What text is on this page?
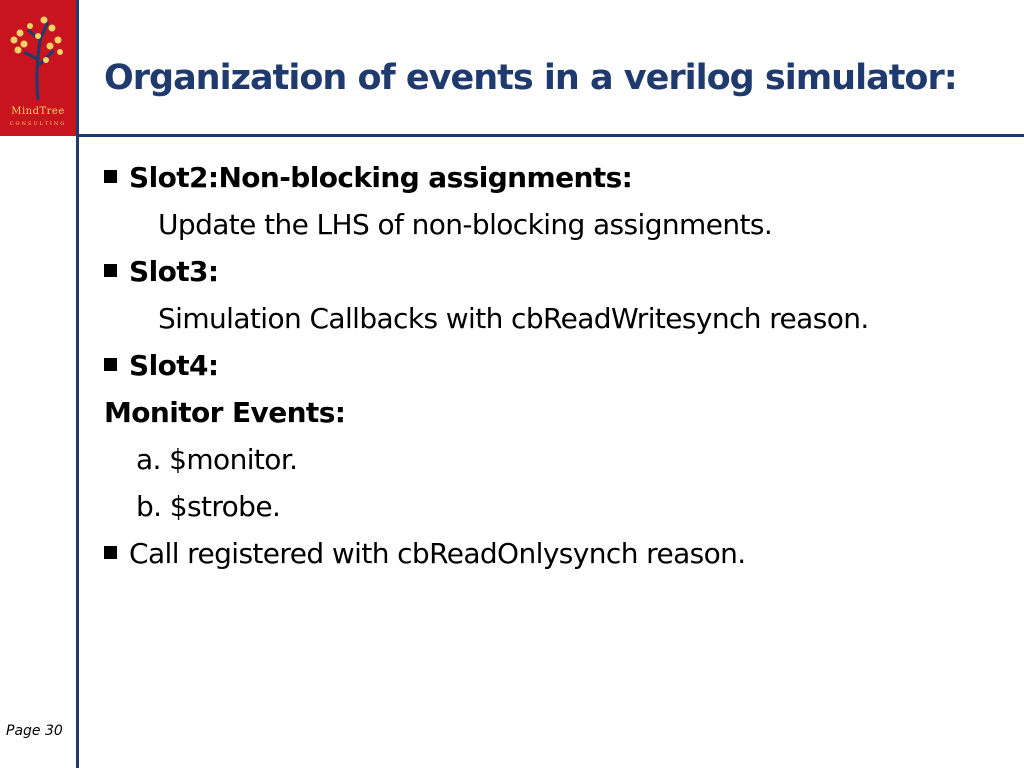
MindTree
CONSULTING
Organization of events in a verilog simulator:
Slot2:Non-blocking assignments:
Update the LHS of non-blocking assignments.
Slot3:
Simulation Callbacks with cbReadWritesynch reason.
Slot4:
Monitor Events:
a. $monitor.
b. $strobe.
Call registered with cbReadOnlysynch reason.
Page 30
